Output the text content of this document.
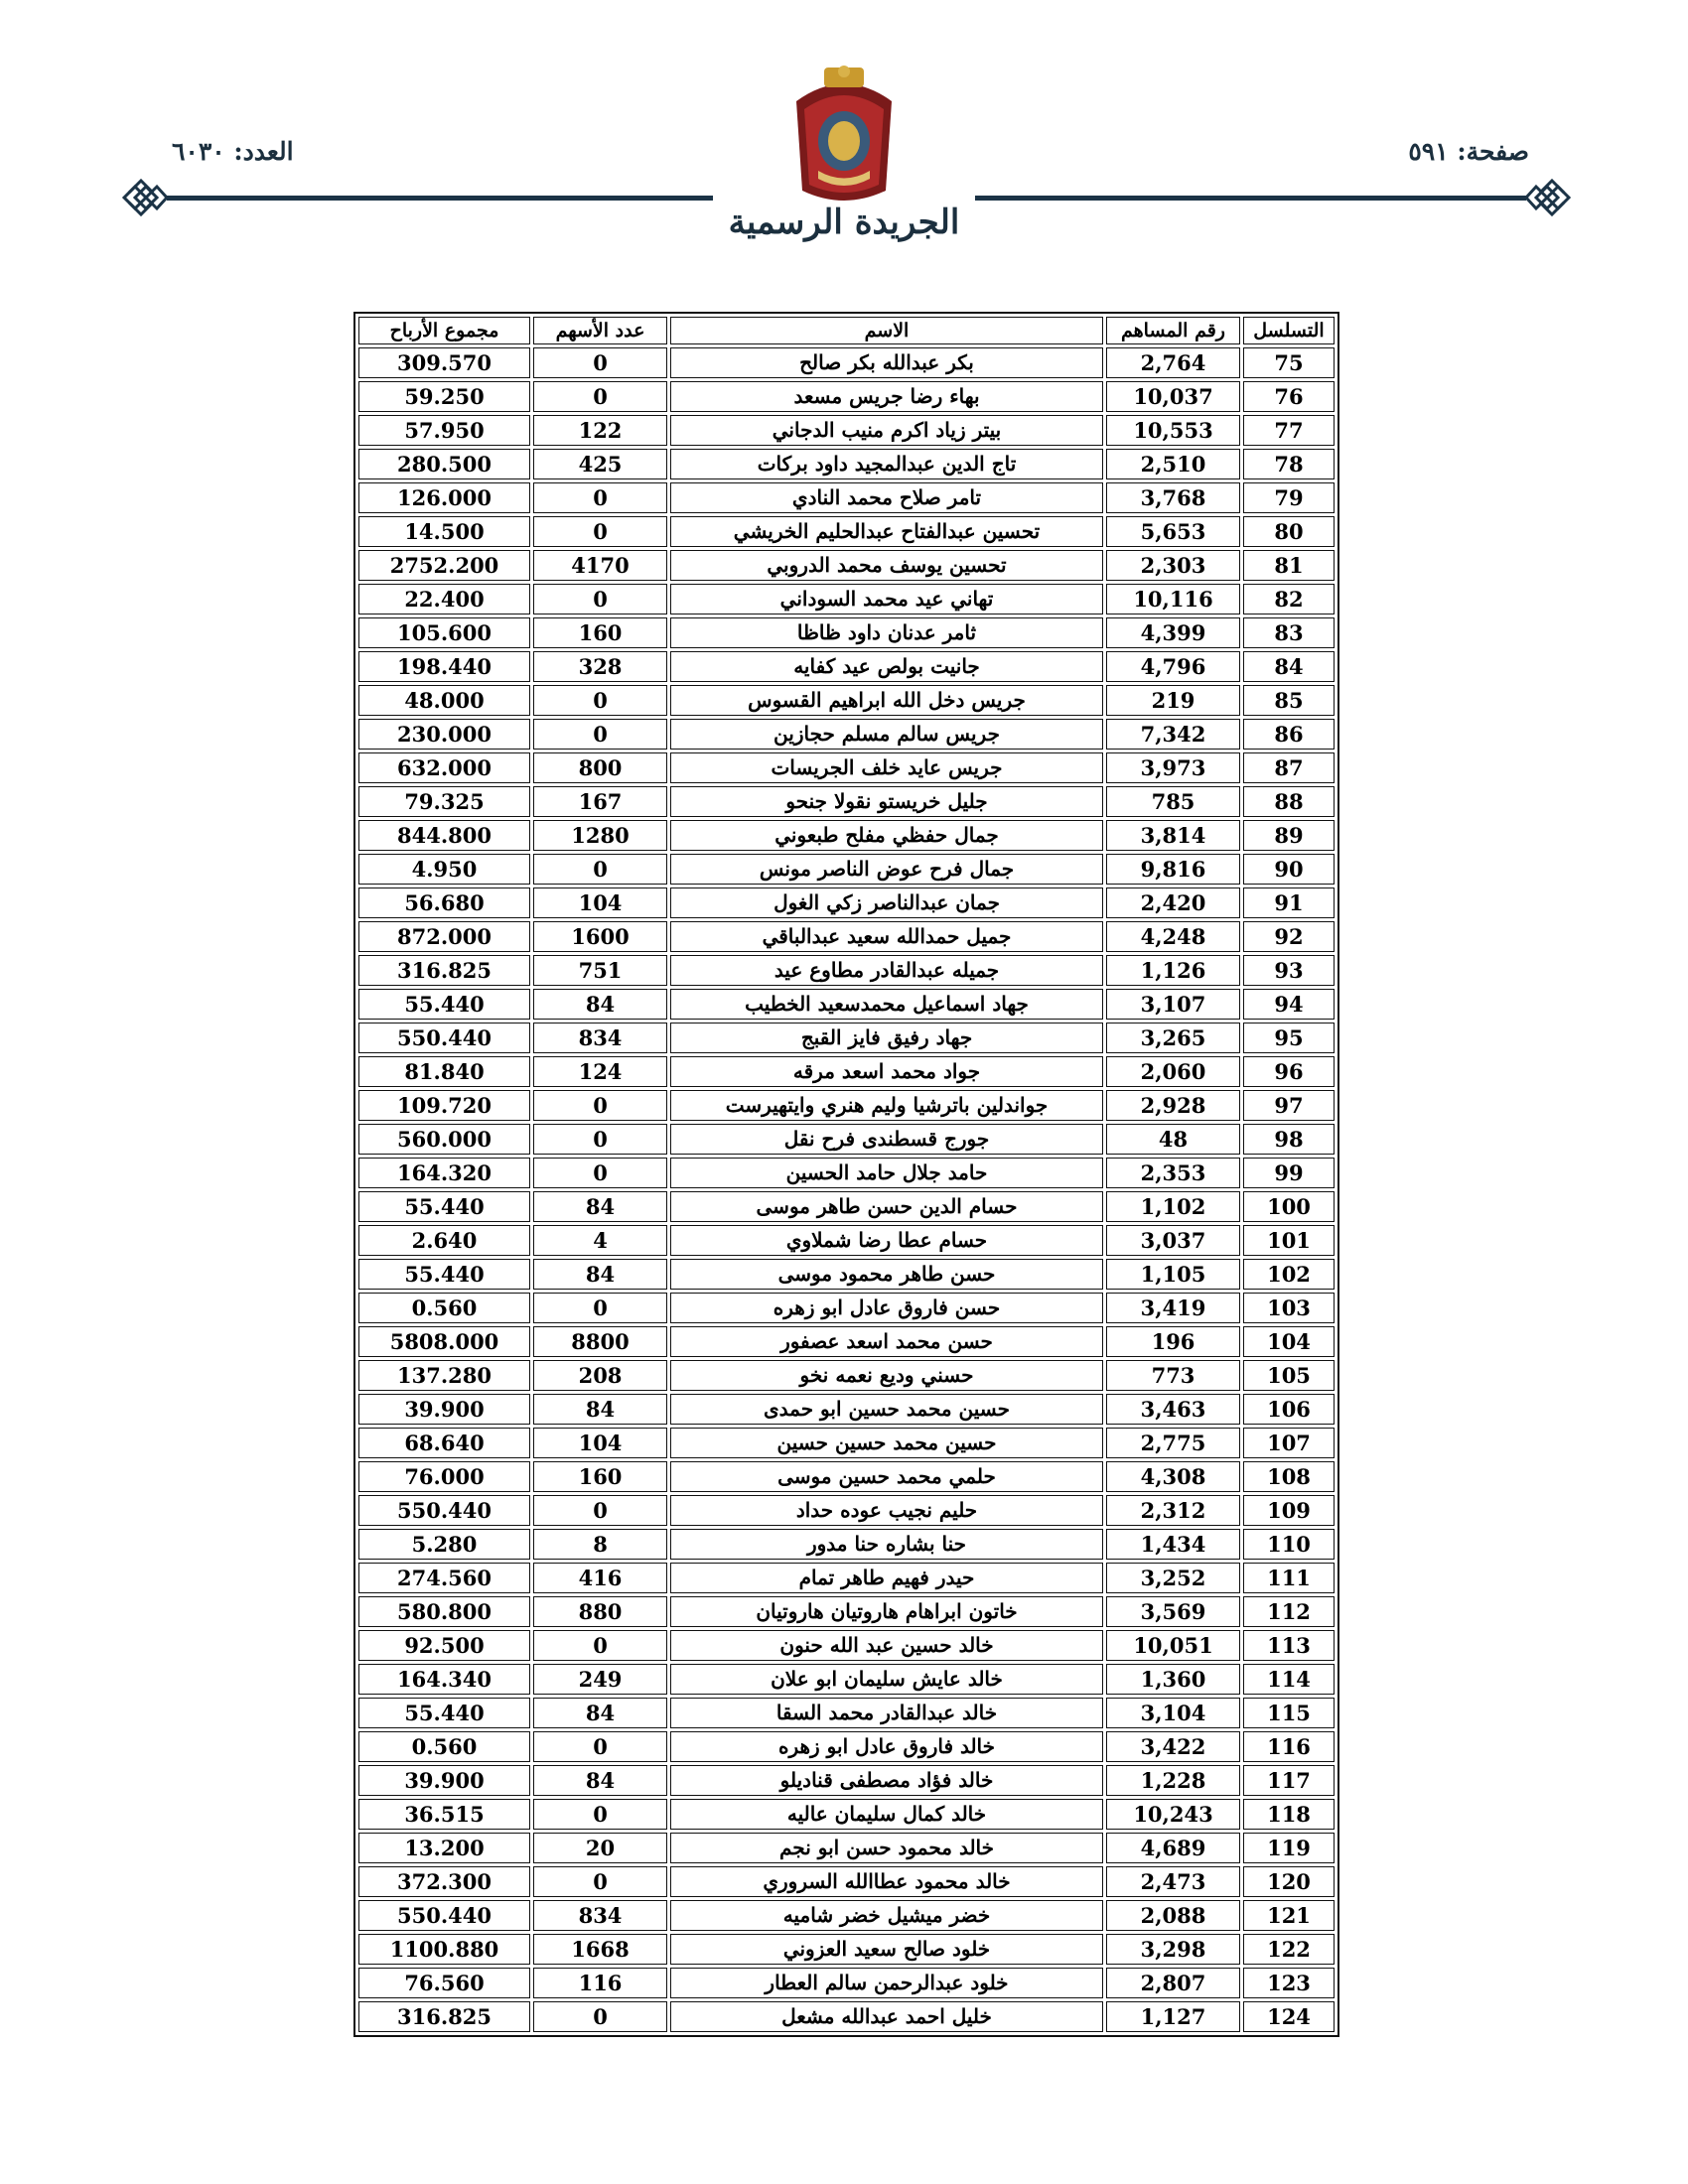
العدد: ٦٠٣٠	صفحة: ٥٩١
الجريدة الرسمية
التسلسل	رقم المساهم	الاسم	عدد الأسهم	مجموع الأرباح
75	2,764	بكر عبدالله بكر صالح	0	309.570
76	10,037	بهاء رضا جريس مسعد	0	59.250
77	10,553	بيتر زياد اكرم منيب الدجاني	122	57.950
78	2,510	تاج الدين عبدالمجيد داود بركات	425	280.500
79	3,768	تامر صلاح محمد النادي	0	126.000
80	5,653	تحسين عبدالفتاح عبدالحليم الخريشي	0	14.500
81	2,303	تحسين يوسف محمد الدروبي	4170	2752.200
82	10,116	تهاني عيد محمد السوداني	0	22.400
83	4,399	ثامر عدنان داود ظاظا	160	105.600
84	4,796	جانيت بولص عيد كفايه	328	198.440
85	219	جريس دخل الله ابراهيم القسوس	0	48.000
86	7,342	جريس سالم مسلم حجازين	0	230.000
87	3,973	جريس عايد خلف الجريسات	800	632.000
88	785	جليل خريستو نقولا جنحو	167	79.325
89	3,814	جمال حفظي مفلح طبعوني	1280	844.800
90	9,816	جمال فرح عوض الناصر مونس	0	4.950
91	2,420	جمان عبدالناصر زكي الغول	104	56.680
92	4,248	جميل حمدالله سعيد عبدالباقي	1600	872.000
93	1,126	جميله عبدالقادر مطاوع عيد	751	316.825
94	3,107	جهاد اسماعيل محمدسعيد الخطيب	84	55.440
95	3,265	جهاد رفيق فايز القبج	834	550.440
96	2,060	جواد محمد اسعد مرقه	124	81.840
97	2,928	جواندلين باترشيا وليم هنري وايتهيرست	0	109.720
98	48	جورج قسطندى فرح نقل	0	560.000
99	2,353	حامد جلال حامد الحسين	0	164.320
100	1,102	حسام الدين حسن طاهر موسى	84	55.440
101	3,037	حسام عطا رضا شملاوي	4	2.640
102	1,105	حسن طاهر محمود موسى	84	55.440
103	3,419	حسن فاروق عادل ابو زهره	0	0.560
104	196	حسن محمد اسعد عصفور	8800	5808.000
105	773	حسني وديع نعمه نخو	208	137.280
106	3,463	حسين محمد حسين ابو حمدى	84	39.900
107	2,775	حسين محمد حسين حسين	104	68.640
108	4,308	حلمي محمد حسين موسى	160	76.000
109	2,312	حليم نجيب عوده حداد	0	550.440
110	1,434	حنا بشاره حنا مدور	8	5.280
111	3,252	حيدر فهيم طاهر تمام	416	274.560
112	3,569	خاتون ابراهام هاروتيان هاروتيان	880	580.800
113	10,051	خالد حسين عبد الله حنون	0	92.500
114	1,360	خالد عايش سليمان ابو علان	249	164.340
115	3,104	خالد عبدالقادر محمد السقا	84	55.440
116	3,422	خالد فاروق عادل ابو زهره	0	0.560
117	1,228	خالد فؤاد مصطفى قناديلو	84	39.900
118	10,243	خالد كمال سليمان عاليه	0	36.515
119	4,689	خالد محمود حسن ابو نجم	20	13.200
120	2,473	خالد محمود عطاالله السروري	0	372.300
121	2,088	خضر ميشيل خضر شاميه	834	550.440
122	3,298	خلود صالح سعيد العزوني	1668	1100.880
123	2,807	خلود عبدالرحمن سالم العطار	116	76.560
124	1,127	خليل احمد عبدالله مشعل	0	316.825
